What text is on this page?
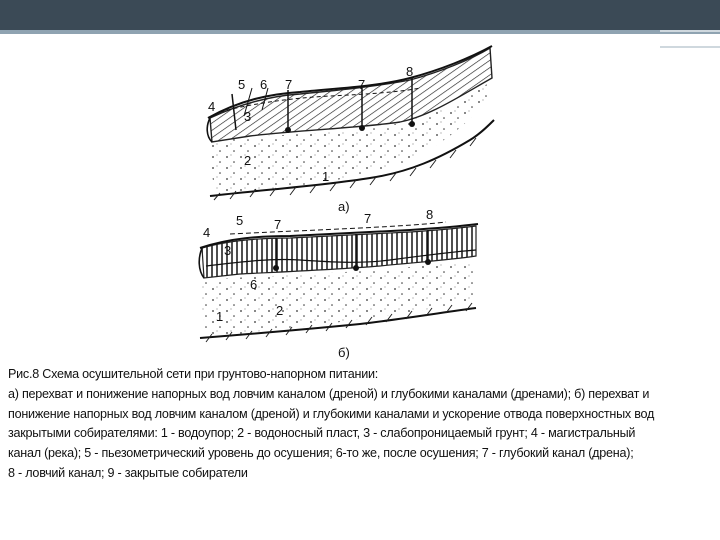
5 6 7	7
8
4
3
2
1
а)
4
5 7	7	8
3
6
2
1
б)
Рис.8 Схема осушительной сети при грунтово-напорном питании:
а) перехват и понижение напорных вод ловчим каналом (дреной) и глубокими каналами (дренами); б) перехват и
понижение напорных вод ловчим каналом (дреной) и глубокими каналами и ускорение отвода поверхностных вод
закрытыми собирателями: 1 - водоупор; 2 - водоносный пласт, 3 - слабопроницаемый грунт; 4 - магистральный
канал (река); 5 - пьезометрический уровень до осушения; 6-то же, после осушения; 7 - глубокий канал (дрена);
8 - ловчий канал; 9 - закрытые собиратели
